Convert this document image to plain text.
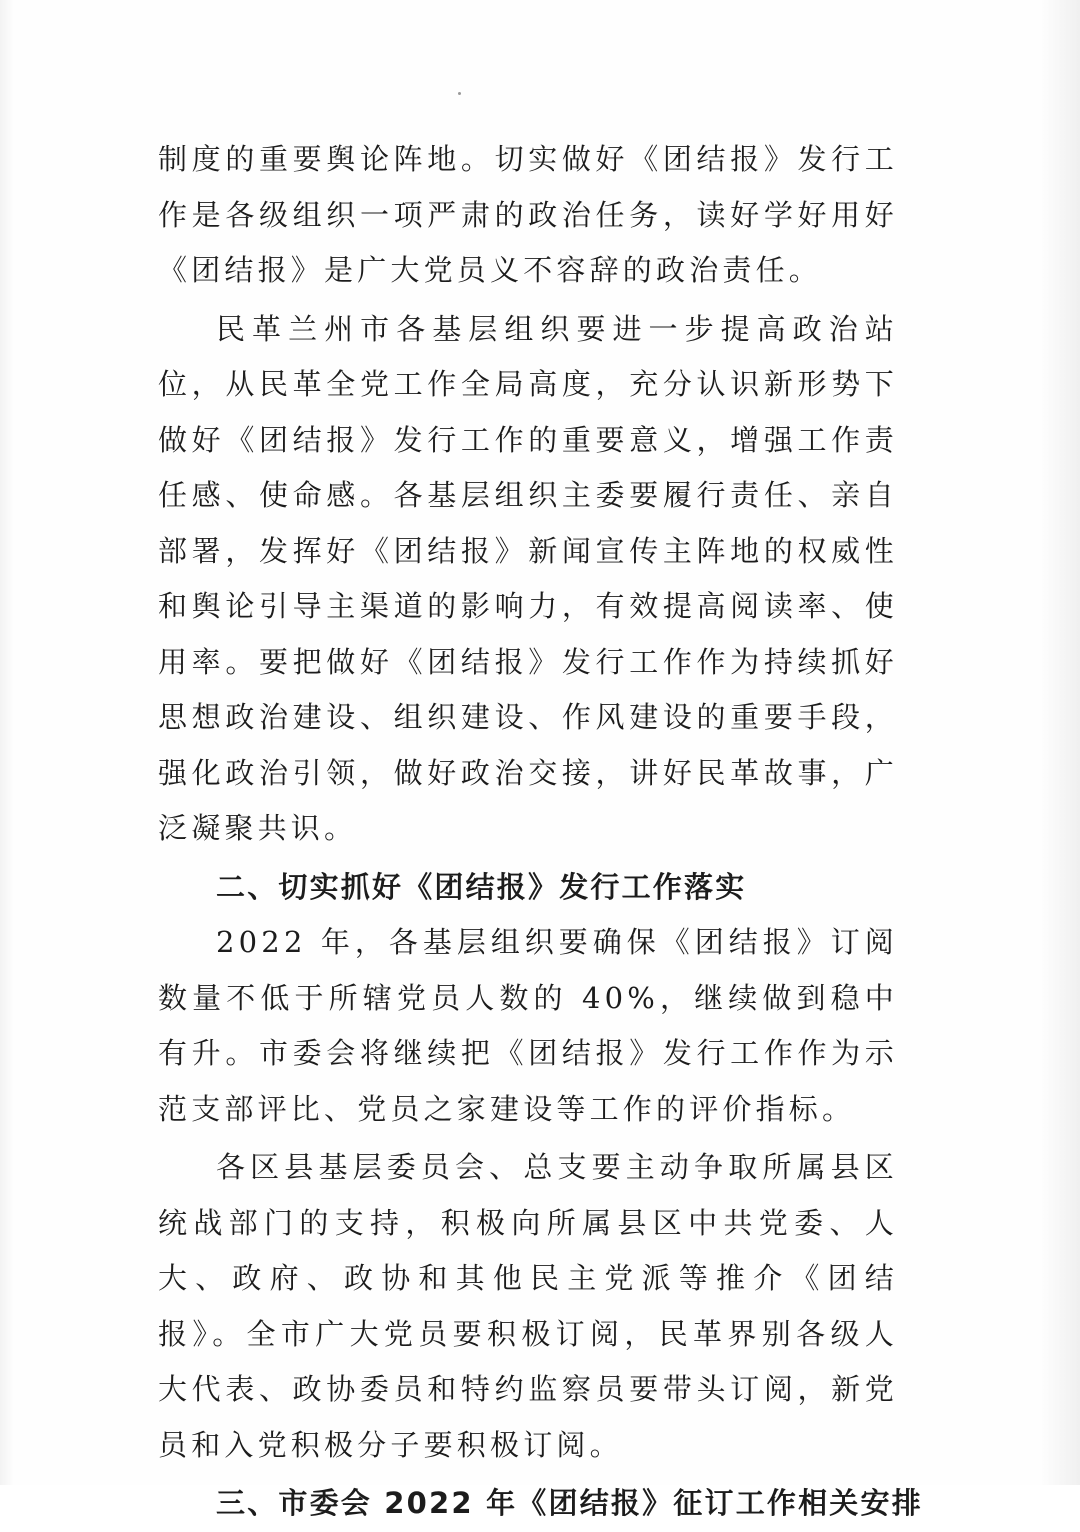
制度的重要舆论阵地。切实做好《团结报》发行工作是各级组织一项严肃的政治任务，读好学好用好《团结报》是广大党员义不容辞的政治责任。

民革兰州市各基层组织要进一步提高政治站位，从民革全党工作全局高度，充分认识新形势下做好《团结报》发行工作的重要意义，增强工作责任感、使命感。各基层组织主委要履行责任、亲自部署，发挥好《团结报》新闻宣传主阵地的权威性和舆论引导主渠道的影响力，有效提高阅读率、使用率。要把做好《团结报》发行工作作为持续抓好思想政治建设、组织建设、作风建设的重要手段，强化政治引领，做好政治交接，讲好民革故事，广泛凝聚共识。

二、切实抓好《团结报》发行工作落实

2022 年，各基层组织要确保《团结报》订阅数量不低于所辖党员人数的 40%，继续做到稳中有升。市委会将继续把《团结报》发行工作作为示范支部评比、党员之家建设等工作的评价指标。

各区县基层委员会、总支要主动争取所属县区统战部门的支持，积极向所属县区中共党委、人大、政府、政协和其他民主党派等推介《团结报》。全市广大党员要积极订阅，民革界别各级人大代表、政协委员和特约监察员要带头订阅，新党员和入党积极分子要积极订阅。

三、市委会 2022 年《团结报》征订工作相关安排
